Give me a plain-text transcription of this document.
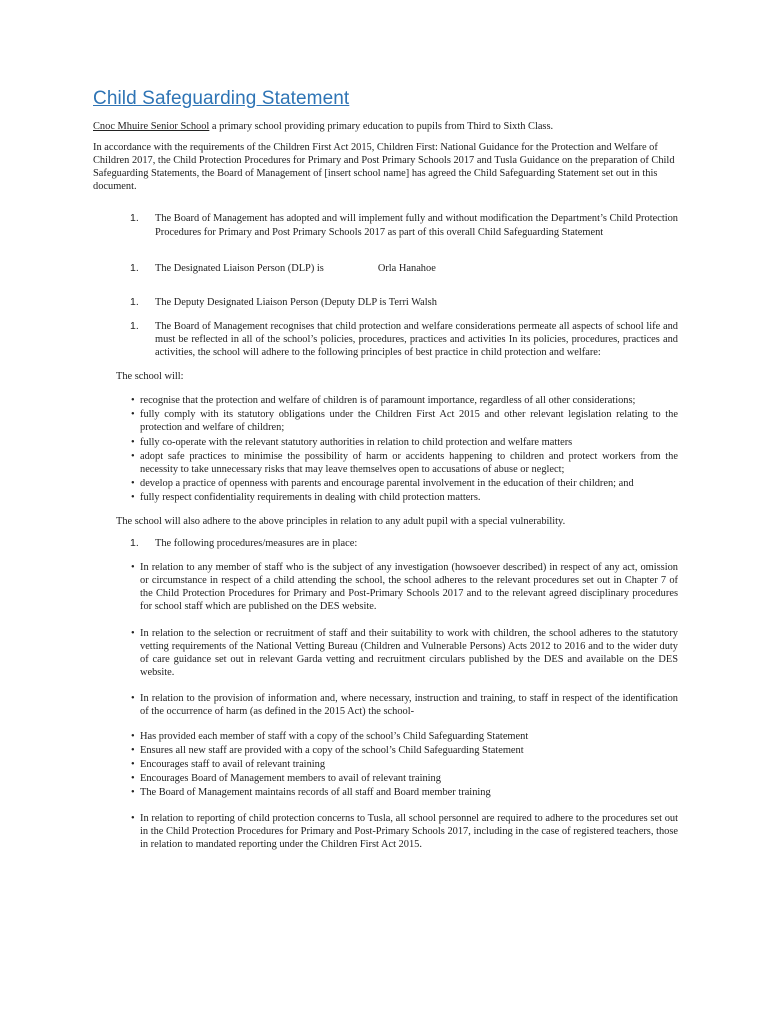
Child Safeguarding Statement

Cnoc Mhuire Senior School a primary school providing primary education to pupils from Third to Sixth Class.

In accordance with the requirements of the Children First Act 2015, Children First: National Guidance for the Protection and Welfare of Children 2017, the Child Protection Procedures for Primary and Post Primary Schools 2017 and Tusla Guidance on the preparation of Child Safeguarding Statements, the Board of Management of [insert school name] has agreed the Child Safeguarding Statement set out in this document.

1.	The Board of Management has adopted and will implement fully and without modification the Department’s Child Protection Procedures for Primary and Post Primary Schools 2017 as part of this overall Child Safeguarding Statement
1.	The Designated Liaison Person (DLP) is	Orla Hanahoe
1.	The Deputy Designated Liaison Person (Deputy DLP is Terri Walsh
1.	The Board of Management recognises that child protection and welfare considerations permeate all aspects of school life and must be reflected in all of the school’s policies, procedures, practices and activities In its policies, procedures, practices and activities, the school will adhere to the following principles of best practice in child protection and welfare:

The school will:

• recognise that the protection and welfare of children is of paramount importance, regardless of all other considerations;
• fully comply with its statutory obligations under the Children First Act 2015 and other relevant legislation relating to the protection and welfare of children;
• fully co-operate with the relevant statutory authorities in relation to child protection and welfare matters
• adopt safe practices to minimise the possibility of harm or accidents happening to children and protect workers from the necessity to take unnecessary risks that may leave themselves open to accusations of abuse or neglect;
• develop a practice of openness with parents and encourage parental involvement in the education of their children; and
• fully respect confidentiality requirements in dealing with child protection matters.

The school will also adhere to the above principles in relation to any adult pupil with a special vulnerability.

1.	The following procedures/measures are in place:
• In relation to any member of staff who is the subject of any investigation (howsoever described) in respect of any act, omission or circumstance in respect of a child attending the school, the school adheres to the relevant procedures set out in Chapter 7 of the Child Protection Procedures for Primary and Post-Primary Schools 2017 and to the relevant agreed disciplinary procedures for school staff which are published on the DES website.
• In relation to the selection or recruitment of staff and their suitability to work with children, the school adheres to the statutory vetting requirements of the National Vetting Bureau (Children and Vulnerable Persons) Acts 2012 to 2016 and to the wider duty of care guidance set out in relevant Garda vetting and recruitment circulars published by the DES and available on the DES website.
• In relation to the provision of information and, where necessary, instruction and training, to staff in respect of the identification of the occurrence of harm (as defined in the 2015 Act) the school-
• Has provided each member of staff with a copy of the school’s Child Safeguarding Statement
• Ensures all new staff are provided with a copy of the school’s Child Safeguarding Statement
• Encourages staff to avail of relevant training
• Encourages Board of Management members to avail of relevant training
• The Board of Management maintains records of all staff and Board member training
• In relation to reporting of child protection concerns to Tusla, all school personnel are required to adhere to the procedures set out in the Child Protection Procedures for Primary and Post-Primary Schools 2017, including in the case of registered teachers, those in relation to mandated reporting under the Children First Act 2015.
